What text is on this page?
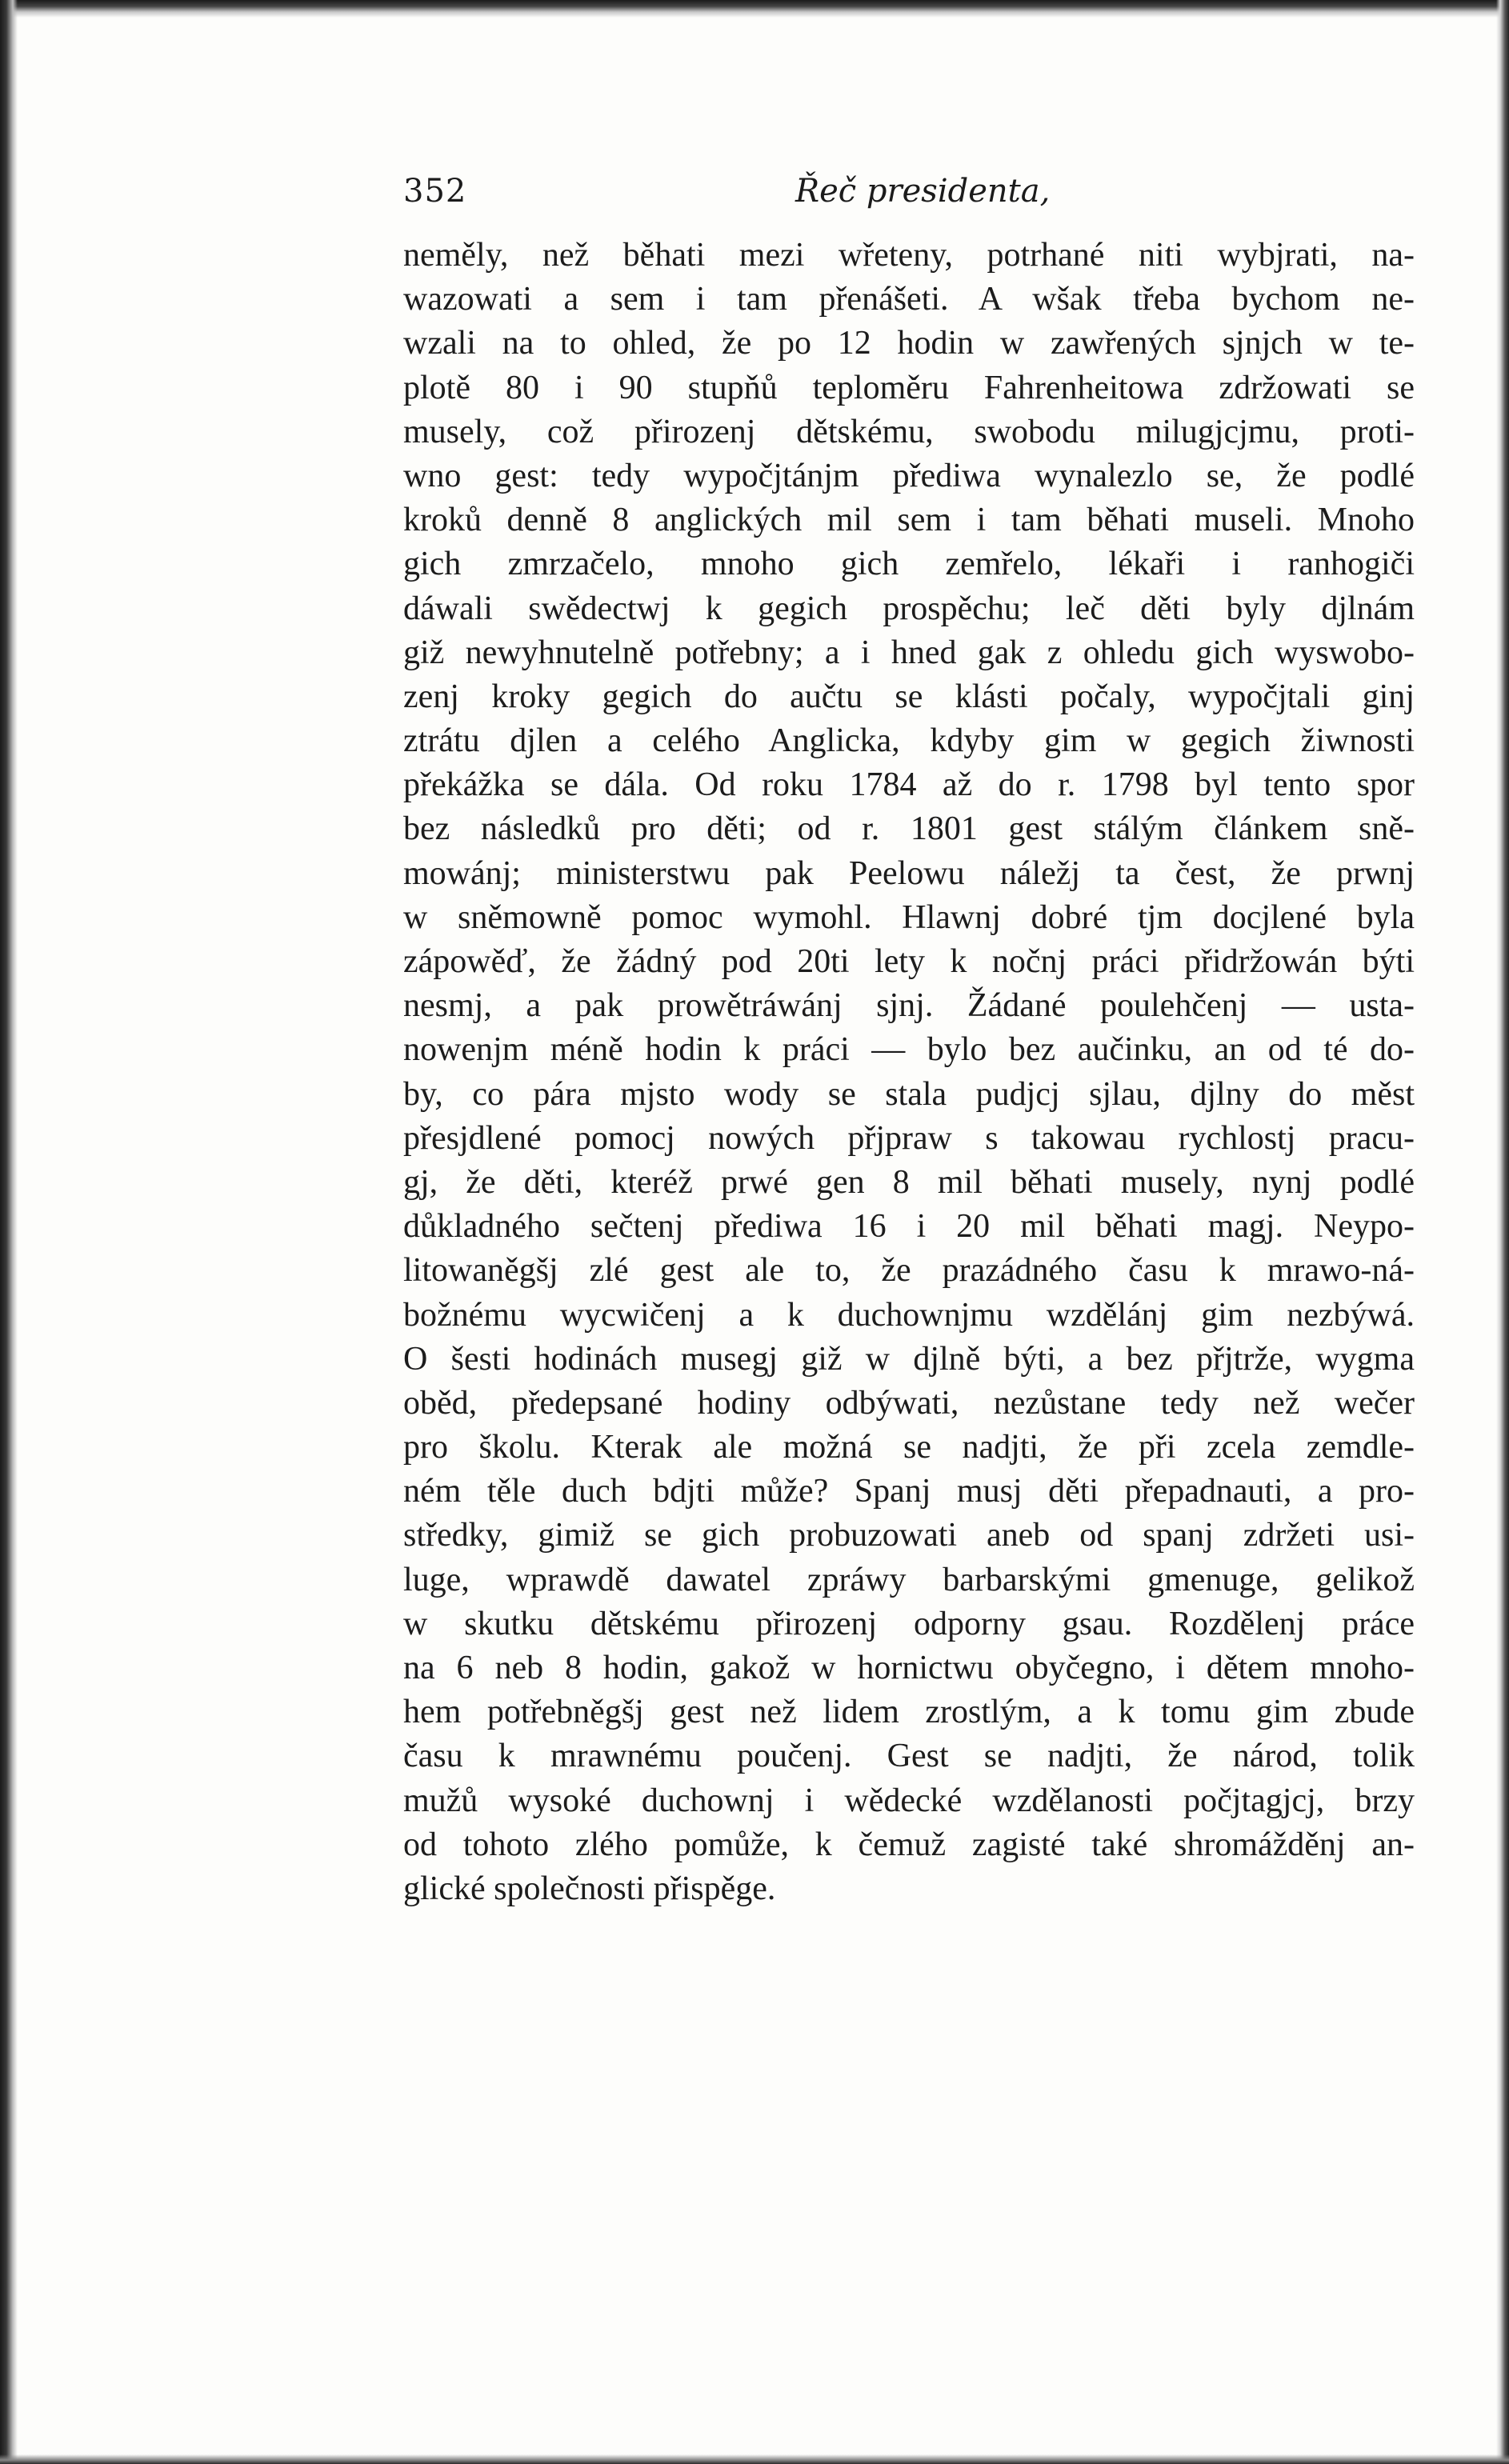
352	Řeč presidenta,
neměly, než běhati mezi wřeteny, potrhané niti wybjrati, na-
wazowati a sem i tam přenášeti. A wšak třeba bychom ne-
wzali na to ohled, že po 12 hodin w zawřených sjnjch w te-
plotě 80 i 90 stupňů teploměru Fahrenheitowa zdržowati se
musely, což přirozenj dětskému, swobodu milugjcjmu, proti-
wno gest: tedy wypočjtánjm přediwa wynalezlo se, že podlé
kroků denně 8 anglických mil sem i tam běhati museli. Mnoho
gich zmrzačelo, mnoho gich zemřelo, lékaři i ranhogiči
dáwali swědectwj k gegich prospěchu; leč děti byly djlnám
giž newyhnutelně potřebny; a i hned gak z ohledu gich wyswobo-
zenj kroky gegich do aučtu se klásti počaly, wypočjtali ginj
ztrátu djlen a celého Anglicka, kdyby gim w gegich žiwnosti
překážka se dála. Od roku 1784 až do r. 1798 byl tento spor
bez následků pro děti; od r. 1801 gest stálým článkem sně-
mowánj; ministerstwu pak Peelowu náležj ta čest, že prwnj
w sněmowně pomoc wymohl. Hlawnj dobré tjm docjlené byla
zápowěď, že žádný pod 20ti lety k nočnj práci přidržowán býti
nesmj, a pak prowětráwánj sjnj. Žádané poulehčenj — usta-
nowenjm méně hodin k práci — bylo bez aučinku, an od té do-
by, co pára mjsto wody se stala pudjcj sjlau, djlny do měst
přesjdlené pomocj nowých přjpraw s takowau rychlostj pracu-
gj, že děti, kteréž prwé gen 8 mil běhati musely, nynj podlé
důkladného sečtenj přediwa 16 i 20 mil běhati magj. Neypo-
litowaněgšj zlé gest ale to, že prazádného času k mrawo-ná-
božnému wycwičenj a k duchownjmu wzdělánj gim nezbýwá.
O šesti hodinách musegj giž w djlně býti, a bez přjtrže, wygma
oběd, předepsané hodiny odbýwati, nezůstane tedy než wečer
pro školu. Kterak ale možná se nadjti, že při zcela zemdle-
ném těle duch bdjti může? Spanj musj děti přepadnauti, a pro-
středky, gimiž se gich probuzowati aneb od spanj zdržeti usi-
luge, wprawdě dawatel zpráwy barbarskými gmenuge, gelikož
w skutku dětskému přirozenj odporny gsau. Rozdělenj práce
na 6 neb 8 hodin, gakož w hornictwu obyčegno, i dětem mnoho-
hem potřebněgšj gest než lidem zrostlým, a k tomu gim zbude
času k mrawnému poučenj. Gest se nadjti, že národ, tolik
mužů wysoké duchownj i wědecké wzdělanosti počjtagjcj, brzy
od tohoto zlého pomůže, k čemuž zagisté také shromážděnj an-
glické společnosti přispěge.
